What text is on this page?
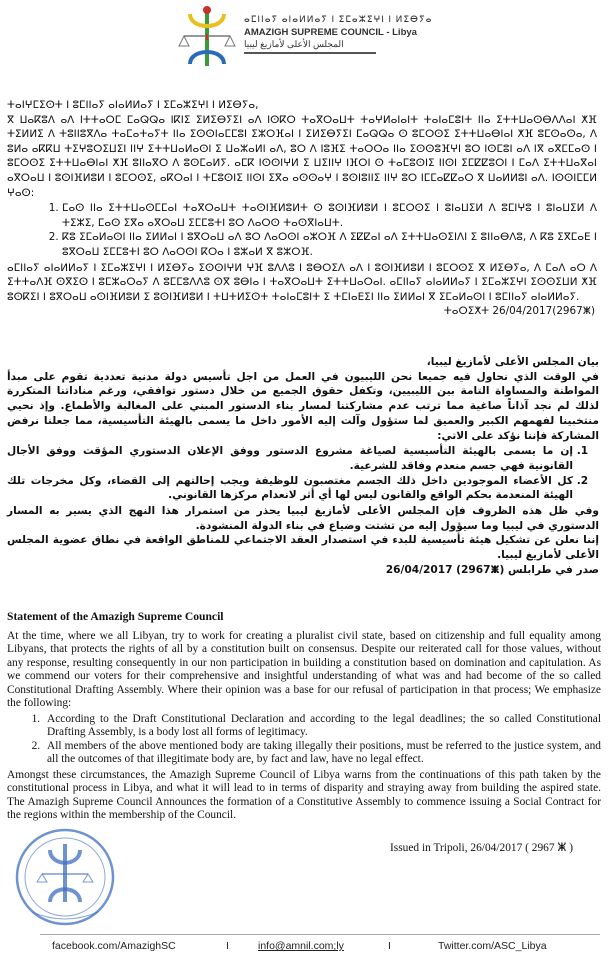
ⴰⵎⵏⵏⴰⵢ ⴰⵏⴰⵍⵍⴰⵢ ⵏ ⵉⵎⴰⵣⵉⵖⵏ ⵏ ⵍⵉⴱⵢⴰ
AMAZIGH SUPREME COUNCIL - Libya
المجلس الأعلى لأمازيغ ليبيا

ⵜⴰⵏⵖⵎⵉⵙⵜ ⵏ ⵓⵎⵏⵏⴰⵢ ⴰⵏⴰⵍⵍⴰⵢ ⵏ ⵉⵎⴰⵣⵉⵖⵏ ⵏ ⵍⵉⴱⵢⴰ,

ⴳ ⵡⴰⴽⵓⴷ ⴰⴷ ⵏⵜⵜⴰⵔⵎ ⵎⴰⵕⵕⴰ ⵏⴽⵏⵉ ⵉⵍⵉⴱⵢⵉⵏ ⴰⴷ ⵏⵙⴽⵔ ⵜⴰⴳⵔⴰⵡⵜ ⵜⴰⵖⵍⴰⵏⴰⵏⵜ ⵜⴰⵏⴰⵎⵓⵏⵜ ⵏⵏⴰ ⵉⵜⵜⵡⴰⵙⴱⴷⴷⴰⵏ ⵅⴼ ⵜⵉⵍⵍⵉ ⴷ ⵜⵓⵏⵏⵓⴳⴷⴰ ⵜⴰⵎⴰⵜⴰⵢⵜ ⵏⵏⴰ ⵉⵙⵙⵏⴰⵎⵎⵓⵏ ⵉⵣⵔⴼⴰⵏ ⵏ ⵉⵍⵉⴱⵢⵉⵏ ⵎⴰⵕⵕⴰ ⵙ ⵓⵎⵔⵙⵉ ⵉⵜⵜⵡⴰⴱⵏⴰⵏ ⵅⴼ ⵓⵎⵙⴰⵙⴰ, ⴷ ⵓⵍⴰ ⴰⴽⴽⵡ ⵜⵉⵖⵓⵔⵉⵡⵉⵏ ⵏⵏⵖ ⵉⵜⵜⵡⴰⵍⴰⵙⵏ ⵉ ⵡⴰⵣⴰⵍⵏ ⴰⴷ, ⵓⵔ ⴷ ⵏⵓⴼⵉ ⵜⴰⵔⵔⴰ ⵏⵏⴰ ⵉⵙⵙⵓⴼⵖⵏ ⵓⵔ ⵏⵙⵎⵓⵏ ⴰⴷ ⵏⴳ ⴰⴳⵎⵎⴰⵙ ⵏ ⵓⵎⵔⵙⵉ ⵉⵜⵜⵡⴰⴱⵏⴰⵏ ⵅⴼ ⵓⵏⵏⴰⴳⵔ ⴷ ⵓⵙⵎⴰⵍⵢ. ⴰⵎⴽ ⵏⵙⵙⵏⵖⵍ ⵉ ⵡⵉⵏⵏⵖ ⵏⴼⵔⵏ ⵙ ⵜⴰⵎⵓⵙⵏⵉ ⵏⵏⵙⵏ ⵉⵎⵇⵇⵓⵔⵏ ⵏ ⵎⴰⴷ ⵉⵜⵜⵡⴰⴳⴰⵏ ⴰⴳⵔⴰⵡ ⵏ ⵓⵙⵏⴼⵍⵓⵍ ⵏ ⵓⵎⵔⵙⵉ, ⴰⴽⵔⴰⵏ ⵏ ⵜⵎⵓⵙⵏⵉ ⵏⵏⵙⵏ ⵉⴳⴰ ⴰⵙⵙⴰⵖ ⵏ ⵓⵙⵏⵓⵏⵏⵉ ⵏⵏⵖ ⵓⵔ ⵏⵎⵎⴰⵇⵇⴰⵔ ⴳ ⵡⴰⵍⵍⵓⵏ ⴰⴷ. ⵏⵙⵙⵏⵎⵎⵍ ⵖⴰⵙ:

1. ⵎⴰⵙ ⵏⵏⴰ ⵉⵜⵜⵡⴰⵙⵎⵎⴰⵏ ⵜⴰⴳⵔⴰⵡⵜ ⵜⴰⵙⵏⴼⵍⵓⵍⵜ ⵙ ⵓⵙⵏⴼⵍⵓⵍ ⵏ ⵓⵎⵔⵙⵉ ⵏ ⵓⵏⴰⵡⵉⵍ ⴷ ⵓⵎⵏⵖⵓ ⵏ ⵓⵏⴰⵡⵉⵍ ⴷ ⵜⵉⵣⵉ, ⵎⴰⵙ ⵉⴳⴰ ⴰⴳⵔⴰⵡ ⵉⵎⵎⵓⵜⵏ ⵓⵔ ⴷⴰⵔⵙ ⵜⴰⵙⴳⵏⴰⵡⵜ.
2. ⴽⵓ ⵉⵎⴰⵍⴰⵙⵏ ⵏⵏⴰ ⵉⵍⵍⴰⵏ ⵏ ⵓⴳⵔⴰⵡ ⴰⴷ ⵓⵔ ⴷⴰⵔⵙⵏ ⴰⵣⵔⴼ ⴷ ⵉⵇⵇⴰⵏ ⴰⴷ ⵉⵜⵜⵡⴰⵙⵉⵏⴷⵏ ⵉ ⵓⵏⵏⴰⴱⴷⵓ, ⴷ ⴽⵓ ⵉⴳⵎⴰⴹ ⵏ ⵓⴳⵔⴰⵡ ⵉⵎⵎⵓⵜⵏ ⵓⵔ ⴷⴰⵔⵙⵏ ⴽⵔⴰ ⵏ ⵓⵣⴰⵍ ⴳ ⵓⵣⵔⴼ.

ⴰⵎⵏⵏⴰⵢ ⴰⵏⴰⵍⵍⴰⵢ ⵏ ⵉⵎⴰⵣⵉⵖⵏ ⵏ ⵍⵉⴱⵢⴰ ⵉⵙⵙⵏⵖⵍ ⵖⴼ ⵓⴷⴷⵓ ⵏ ⵓⴱⵔⵉⴷ ⴰⴷ ⵏ ⵓⵙⵏⴼⵍⵓⵍ ⵏ ⵓⵎⵔⵙⵉ ⴳ ⵍⵉⴱⵢⴰ, ⴷ ⵎⴰⴷ ⴰⵔ ⴷ ⵉⵜⵜⴰⴷⴼ ⵙⴳⵉⵙ ⵏ ⵓⵎⵣⴰⵔⴰⵢ ⴷ ⵓⵎⵎⵓⴷⴷⵓ ⵙⴳ ⵓⴱⵏⴰ ⵏ ⵜⴰⴳⵔⴰⵡⵜ ⵉⵜⵜⵡⴰⵔⴰⵏ. ⴰⵎⵏⵏⴰⵢ ⴰⵏⴰⵍⵍⴰⵢ ⵏ ⵉⵎⴰⵣⵉⵖⵏ ⵉⵙⵙⵉⵡⵍ ⵅⴼ ⵓⵙⴽⵉⵏ ⵏ ⵓⴳⵔⴰⵡ ⴰⵙⵏⴼⵍⵓⵍ ⵉ ⵓⵙⵏⴼⵍⵓⵍ ⵏ ⵜⵡⵜⵍⵉⵙⵜ ⵜⴰⵏⴰⵎⵓⵏⵜ ⵉ ⵜⵎⵏⴰⴹⵉⵏ ⵏⵏⴰ ⵉⵍⵍⴰⵏ ⴳ ⵉⵎⴰⵍⴰⵙⵏ ⵏ ⵓⵎⵏⵏⴰⵢ ⴰⵏⴰⵍⵍⴰⵢ.

ⵜⴰⵔⵉⵅⵜ 26/04/2017(2967ⵥ)

بيان المجلس الأعلى لأمازيغ ليبيا،

في الوقت الذي نحاول فيه جميعا نحن الليبيون في العمل من اجل تأسيس دولة مدنية تعددية تقوم على مبدأ المواطنة والمساواة التامة بين الليبيين، وتكفل حقوق الجميع من خلال دستور توافقي، ورغم مناداتنا المتكررة لذلك لم نجد آذاناً صاغية مما ترتب عدم مشاركتنا لمسار بناء الدستور المبني على المغالبة والأطماع. وإذ نحيي منتخبينا لفهمهم الكبير والعميق لما ستؤول وآلت إليه الأمور داخل ما يسمى بالهيئة التأسيسية، مما جعلنا نرفض المشاركة فإننا نؤكد على الاتي:

1. إن ما يسمى بالهيئة التأسيسية لصياغة مشروع الدستور ووفق الإعلان الدستوري المؤقت ووفق الأجال القانونية فهي جسم منعدم وفاقد للشرعية.
2. كل الأعضاء الموجودين داخل ذلك الجسم مغتصبون للوظيفة ويجب إحالتهم إلى القضاء، وكل مخرجات تلك الهيئة المنعدمة بحكم الواقع والقانون ليس لها أي أثر لانعدام مركزها القانوني.

وفي ظل هذه الظروف فإن المجلس الأعلى لأمازيغ ليبيا يحذر من استمرار هذا النهج الذي يسير به المسار الدستوري في ليبيا وما سيؤول إليه من تشتت وضياع في بناء الدولة المنشودة.

إننا نعلن عن تشكيل هيئة تأسيسية للبدء في استصدار العقد الاجتماعي للمناطق الواقعة في نطاق عضوية المجلس الأعلى لأمازيغ ليبيا.

صدر في طرابلس (2967ⵥ) 26/04/2017

Statement of the Amazigh Supreme Council

At the time, where we all Libyan, try to work for creating a pluralist civil state, based on citizenship and full equality among Libyans, that protects the rights of all by a constitution built on consensus. Despite our reiterated call for those values, without any response, resulting consequently in our non participation in building a constitution based on domination and capitulation. As we commend our voters for their comprehensive and insightful understanding of what was and had become of the so called Constitutional Drafting Assembly. Where their opinion was a base for our refusal of participation in that process; We emphasize the following:

1. According to the Draft Constitutional Declaration and according to the legal deadlines; the so called Constitutional Drafting Assembly, is a body lost all forms of legitimacy.
2. All members of the above mentioned body are taking illegally their positions, must be referred to the justice system, and all the outcomes of that illegitimate body are, by fact and law, have no legal effect.

Amongst these circumstances, the Amazigh Supreme Council of Libya warns from the continuations of this path taken by the constitutional process in Libya, and what it will lead to in terms of disparity and straying away from building the aspired state. The Amazigh Supreme Council Announces the formation of a Constitutive Assembly to commence issuing a Social Contract for the regions within the membership of the Council.

Issued in Tripoli, 26/04/2017 ( 2967 ⵥ )
facebook.com/AmazighSC	I	info@amnil.com;ly	I	Twitter.com/ASC_Libya
